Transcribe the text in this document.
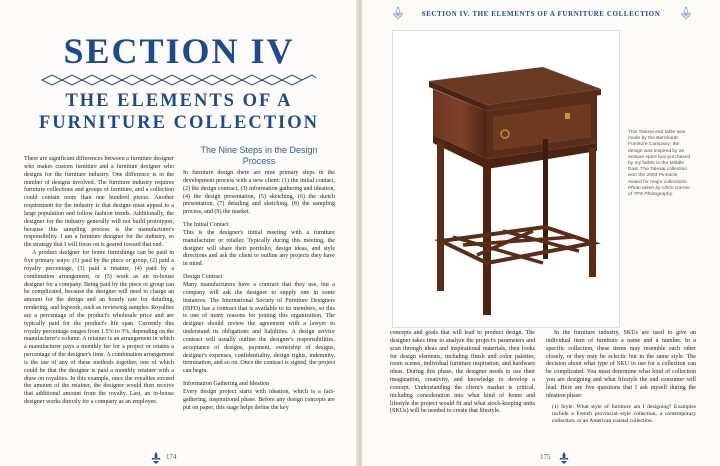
SECTION IV
THE ELEMENTS OF A
FURNITURE COLLECTION

There are significant differences between a furniture designer who makes custom furniture and a furniture designer who designs for the furniture industry. One difference is in the number of designs involved. The furniture industry requires furniture collections and groups of furniture, and a collection could contain more than one hundred pieces. Another requirement for the industry is that designs must appeal to a large population and follow fashion trends. Additionally, the designer for the industry generally will not build prototypes, because this sampling process is the manufacturer's responsibility. I am a furniture designer for the industry, so the strategy that I will focus on is geared toward that end.

A product designer for home furnishings can be paid in five primary ways: (1) paid by the piece or group, (2) paid a royalty percentage, (3) paid a retainer, (4) paid by a combination arrangement, or (5) work as an in-house designer for a company. Being paid by the piece or group can be complicated, because the designer will need to charge an amount for the design and an hourly rate for detailing, rendering, and legwork, such as reviewing samples. Royalties are a percentage of the product's wholesale price and are typically paid for the product's life span. Currently this royalty percentage ranges from 1.5% to 3%, depending on the manufacturer's volume. A retainer is an arrangement in which a manufacturer pays a monthly fee for a project or retains a percentage of the designer's time. A combination arrangement is the use of any of these methods together, one of which could be that the designer is paid a monthly retainer with a draw on royalties. In this example, once the royalties exceed the amount of the retainer, the designer would then receive that additional amount from the royalty. Last, an in-house designer works directly for a company as an employee.

The Nine Steps in the Design Process

In furniture design there are nine primary steps in the development process with a new client: (1) the initial contact, (2) the design contract, (3) information gathering and ideation, (4) the design presentation, (5) sketching, (6) the sketch presentation, (7) detailing and sketching, (8) the sampling process, and (9) the market.

The Initial Contact

This is the designer's initial meeting with a furniture manufacturer or retailer. Typically during this meeting, the designer will share their portfolio, design ideas, and style directions and ask the client to outline any projects they have in mind.

Design Contract

Many manufacturers have a contract that they use, but a company will ask the designer to supply one in some instances. The International Society of Furniture Designers (ISFD) has a contract that is available to its members, so this is one of many reasons for joining this organization. The designer should review the agreement with a lawyer to understand its obligations and liabilities. A design service contract will usually outline the designer's responsibilities, acceptance of designs, payment, ownership of designs, designer's expenses, confidentiality, design rights, indemnity, termination, and so on. Once the contract is signed, the project can begin.

Information Gathering and Ideation

Every design project starts with ideation, which is a fact-gathering, inspirational phase. Before any design concepts are put on paper, this stage helps define the key

174
SECTION IV. THE ELEMENTS OF A FURNITURE COLLECTION
This Talesai end table was
made by the Bernhardt
Furniture Company; the
design was inspired by an
antique spice box purchased
by my father in the Middle
East. The Talesai collection
won the 2003 Pinnacle
Award for major collections.
Photo taken by Chris Garner
of TPS Photography.

concepts and goals that will lead to product design. The designer takes time to analyze the project's parameters and scan through ideas and inspirational materials, then looks for design elements, including finish and color palettes, room scenes, individual furniture inspiration, and hardware ideas. During this phase, the designer needs to use their imagination, creativity, and knowledge to develop a concept. Understanding the client's market is critical, including consideration into what kind of home and lifestyle the project would fit and what stock-keeping units (SKUs) will be needed to create that lifestyle.

In the furniture industry, SKUs are used to give an individual item of furniture a name and a number. In a specific collection, these items may resemble each other closely, or they may be eclectic but in the same style. The decision about what type of SKU to use for a collection can be complicated. You must determine what kind of collection you are designing and what lifestyle the end consumer will lead. Here are five questions that I ask myself during the ideation phase:

(1) Style: What style of furniture am I designing? Examples include a French provincial–style collection, a contemporary collection, or an American coastal collection.
175
